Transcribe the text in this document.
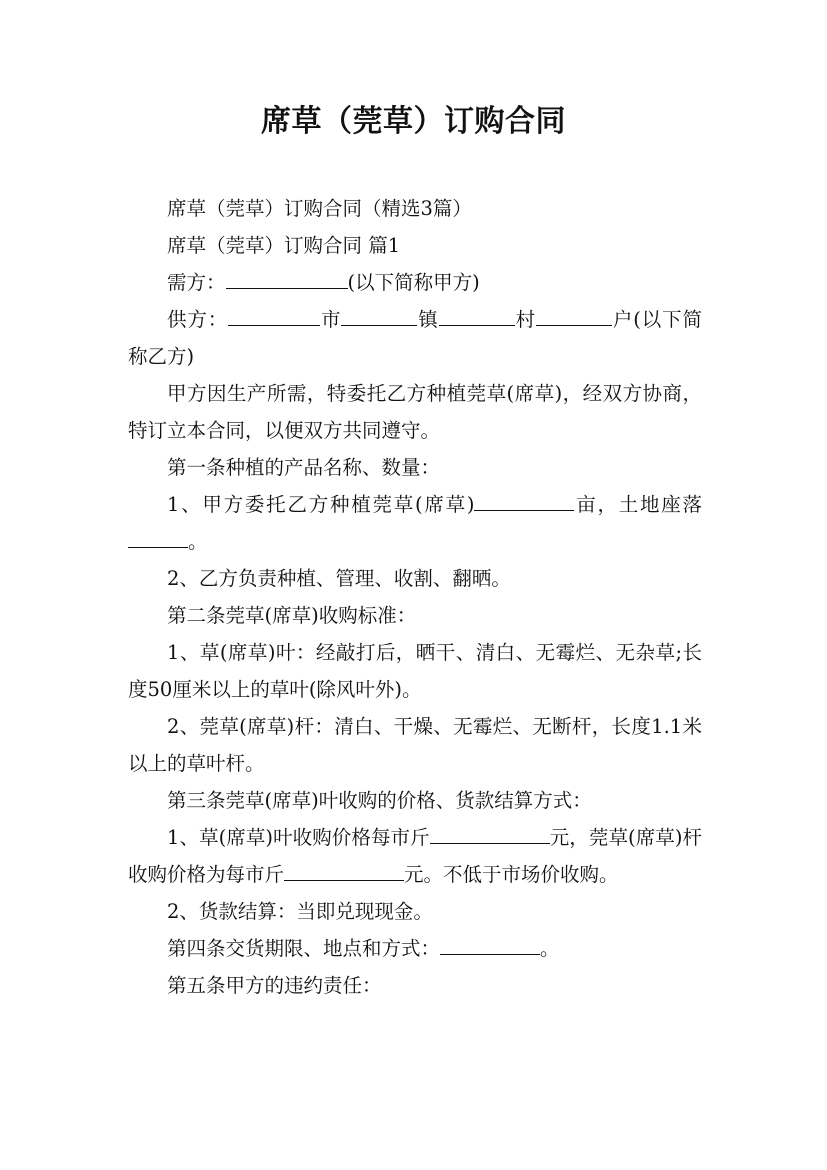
席草（莞草）订购合同

席草（莞草）订购合同（精选3篇）

席草（莞草）订购合同 篇1

需方：	(以下简称甲方)

供方：	市	镇	村	户(以下简称乙方)

甲方因生产所需，特委托乙方种植莞草(席草)，经双方协商，特订立本合同，以便双方共同遵守。

第一条种植的产品名称、数量：

1、甲方委托乙方种植莞草(席草)	亩，土地座落。

2、乙方负责种植、管理、收割、翻晒。

第二条莞草(席草)收购标准：

1、草(席草)叶：经敲打后，晒干、清白、无霉烂、无杂草;长度50厘米以上的草叶(除风叶外)。

2、莞草(席草)杆：清白、干燥、无霉烂、无断杆，长度1.1米以上的草叶杆。

第三条莞草(席草)叶收购的价格、货款结算方式：

1、草(席草)叶收购价格每市斤	元，莞草(席草)杆收购价格为每市斤	元。不低于市场价收购。

2、货款结算：当即兑现现金。

第四条交货期限、地点和方式：	。

第五条甲方的违约责任：
